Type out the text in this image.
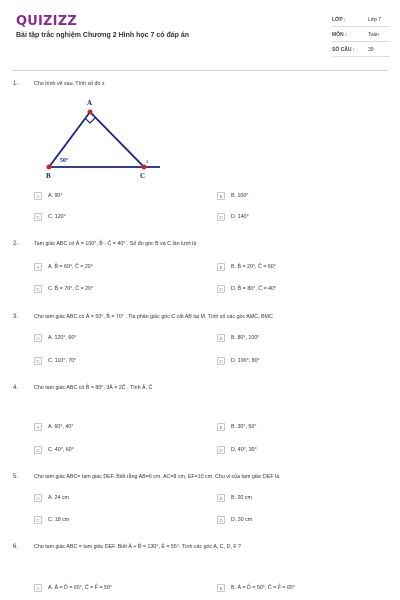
QUIZIZZ
Bài tập trắc nghiệm Chương 2 Hình học 7 có đáp án
LỚP :	Lớp 7
MÔN :	Toán
SỐ CÂU :	39
1.	Cho hình vẽ sau. Tính số đo x
A
B	C
50°	x
A	A. 90°	B	B. 100°
C	C. 120°	D	D. 140°
2.	Tam giác ABC có Â = 100°, B̂ - Ĉ = 40° . Số đo góc B và C lần lượt là
A	A. B̂ = 60°, Ĉ = 20°	B	B. B̂ = 20°, Ĉ = 60°
C	C. B̂ = 70°, Ĉ = 20°	D	D. B̂ = 80°, Ĉ = 40°
3.	Cho tam giác ABC có Â = 50°, B̂ = 70° . Tia phân giác góc C cắt AB tại M. Tính số các góc AMC, BMC
A	A. 120°, 60°	B	B. 80°, 100°
C	C. 110°, 70°	D	D. 100°, 80°
4.	Cho tam giác ABC có B̂ = 80°, 3Â = 2Ĉ . Tính Â, Ĉ
A	A. 60°, 40°	B	B. 30°, 50°
C	C. 40°, 60°	D	D. 40°, 30°
5.	Cho tam giác ABC= tam giác DEF. Biết rằng AB=6 cm, AC=8 cm, EF=10 cm. Chu vi của tam giác DEF là
A	A. 24 cm	B	B. 20 cm
C	C. 18 cm	D	D. 30 cm
6.	Cho tam giác ABC = tam giác DEF. Biết Â + B̂ = 130°, Ê = 55°. Tính các góc A, C, D, F ?
A	A. Â = D̂ = 65°, Ĉ = F̂ = 50°	B	B. Â = D̂ = 50°, Ĉ = F̂ = 65°
